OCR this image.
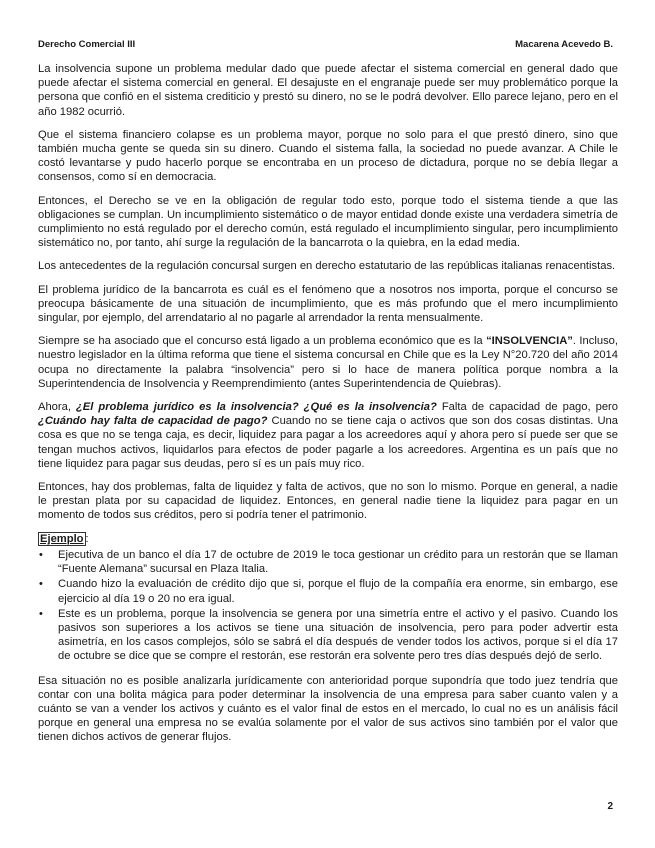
Derecho Comercial III	Macarena Acevedo B.

La insolvencia supone un problema medular dado que puede afectar el sistema comercial en general dado que puede afectar el sistema comercial en general. El desajuste en el engranaje puede ser muy problemático porque la persona que confió en el sistema crediticio y prestó su dinero, no se le podrá devolver. Ello parece lejano, pero en el año 1982 ocurrió.

Que el sistema financiero colapse es un problema mayor, porque no solo para el que prestó dinero, sino que también mucha gente se queda sin su dinero. Cuando el sistema falla, la sociedad no puede avanzar. A Chile le costó levantarse y pudo hacerlo porque se encontraba en un proceso de dictadura, porque no se debía llegar a consensos, como sí en democracia.

Entonces, el Derecho se ve en la obligación de regular todo esto, porque todo el sistema tiende a que las obligaciones se cumplan. Un incumplimiento sistemático o de mayor entidad donde existe una verdadera simetría de cumplimiento no está regulado por el derecho común, está regulado el incumplimiento singular, pero incumplimiento sistemático no, por tanto, ahí surge la regulación de la bancarrota o la quiebra, en la edad media.

Los antecedentes de la regulación concursal surgen en derecho estatutario de las repúblicas italianas renacentistas.

El problema jurídico de la bancarrota es cuál es el fenómeno que a nosotros nos importa, porque el concurso se preocupa básicamente de una situación de incumplimiento, que es más profundo que el mero incumplimiento singular, por ejemplo, del arrendatario al no pagarle al arrendador la renta mensualmente.

Siempre se ha asociado que el concurso está ligado a un problema económico que es la “INSOLVENCIA”. Incluso, nuestro legislador en la última reforma que tiene el sistema concursal en Chile que es la Ley N°20.720 del año 2014 ocupa no directamente la palabra “insolvencia” pero si lo hace de manera política porque nombra a la Superintendencia de Insolvencia y Reemprendimiento (antes Superintendencia de Quiebras).

Ahora, ¿El problema jurídico es la insolvencia? ¿Qué es la insolvencia? Falta de capacidad de pago, pero ¿Cuándo hay falta de capacidad de pago? Cuando no se tiene caja o activos que son dos cosas distintas. Una cosa es que no se tenga caja, es decir, liquidez para pagar a los acreedores aquí y ahora pero sí puede ser que se tengan muchos activos, liquidarlos para efectos de poder pagarle a los acreedores. Argentina es un país que no tiene liquidez para pagar sus deudas, pero sí es un país muy rico.

Entonces, hay dos problemas, falta de liquidez y falta de activos, que no son lo mismo. Porque en general, a nadie le prestan plata por su capacidad de liquidez. Entonces, en general nadie tiene la liquidez para pagar en un momento de todos sus créditos, pero si podría tener el patrimonio.

Ejemplo :

• Ejecutiva de un banco el día 17 de octubre de 2019 le toca gestionar un crédito para un restorán que se llaman “Fuente Alemana” sucursal en Plaza Italia.
• Cuando hizo la evaluación de crédito dijo que si, porque el flujo de la compañía era enorme, sin embargo, ese ejercicio al día 19 o 20 no era igual.
• Este es un problema, porque la insolvencia se genera por una simetría entre el activo y el pasivo. Cuando los pasivos son superiores a los activos se tiene una situación de insolvencia, pero para poder advertir esta asimetría, en los casos complejos, sólo se sabrá el día después de vender todos los activos, porque si el día 17 de octubre se dice que se compre el restorán, ese restorán era solvente pero tres días después dejó de serlo.

Esa situación no es posible analizarla jurídicamente con anterioridad porque supondría que todo juez tendría que contar con una bolita mágica para poder determinar la insolvencia de una empresa para saber cuanto valen y a cuánto se van a vender los activos y cuánto es el valor final de estos en el mercado, lo cual no es un análisis fácil porque en general una empresa no se evalúa solamente por el valor de sus activos sino también por el valor que tienen dichos activos de generar flujos.

2
